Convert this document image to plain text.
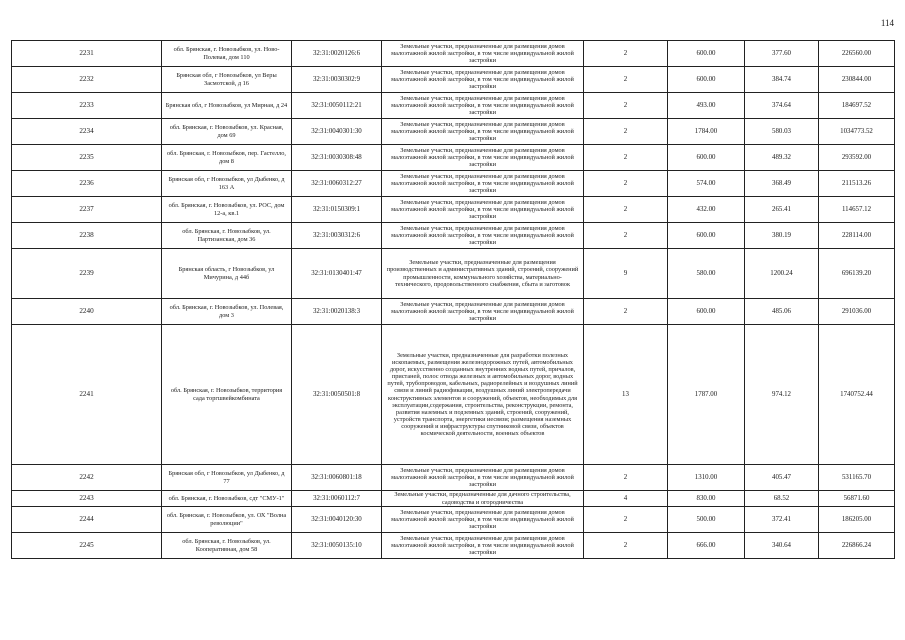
114
2231	обл. Брянская, г. Новозыбков, ул. Ново-Полевая, дом 110	32:31:0020126:6	Земельные участки, предназначенные для размещения домов малоэтажной жилой застройки, в том числе индивидуальной жилой застройки	2	600.00	377.60	226560.00
2232	Брянская обл, г Новозыбков, ул Веры Засмотской, д 16	32:31:0030302:9	Земельные участки, предназначенные для размещения домов малоэтажной жилой застройки, в том числе индивидуальной жилой застройки	2	600.00	384.74	230844.00
2233	Брянская обл, г Новозыбков, ул Мирная, д 24	32:31:0050112:21	Земельные участки, предназначенные для размещения домов малоэтажной жилой застройки, в том числе индивидуальной жилой застройки	2	493.00	374.64	184697.52
2234	обл. Брянская, г. Новозыбков, ул. Красная, дом 69	32:31:0040301:30	Земельные участки, предназначенные для размещения домов малоэтажной жилой застройки, в том числе индивидуальной жилой застройки	2	1784.00	580.03	1034773.52
2235	обл. Брянская, г. Новозыбков, пер. Гастелло, дом 8	32:31:0030308:48	Земельные участки, предназначенные для размещения домов малоэтажной жилой застройки, в том числе индивидуальной жилой застройки	2	600.00	489.32	293592.00
2236	Брянская обл, г Новозыбков, ул Дыбенко, д 163 А	32:31:0060312:27	Земельные участки, предназначенные для размещения домов малоэтажной жилой застройки, в том числе индивидуальной жилой застройки	2	574.00	368.49	211513.26
2237	обл. Брянская, г. Новозыбков, ул. РОС, дом 12-а, кв.1	32:31:0150309:1	Земельные участки, предназначенные для размещения домов малоэтажной жилой застройки, в том числе индивидуальной жилой застройки	2	432.00	265.41	114657.12
2238	обл. Брянская, г. Новозыбков, ул. Партизанская, дом 36	32:31:0030312:6	Земельные участки, предназначенные для размещения домов малоэтажной жилой застройки, в том числе индивидуальной жилой застройки	2	600.00	380.19	228114.00
2239	Брянская область, г Новозыбков, ул Мичурина, д 44б	32:31:0130401:47	Земельные участки, предназначенные для размещения производственных и административных зданий, строений, сооружений промышленности, коммунального хозяйства, материально-технического, продовольственного снабжения, сбыта и заготовок	9	580.00	1200.24	696139.20
2240	обл. Брянская, г. Новозыбков, ул. Полевая, дом 3	32:31:0020138:3	Земельные участки, предназначенные для размещения домов малоэтажной жилой застройки, в том числе индивидуальной жилой застройки	2	600.00	485.06	291036.00
2241	обл. Брянская, г. Новозыбков, территория сада торгшвейкомбината	32:31:0050501:8	Земельные участки, предназначенные для разработки полезных ископаемых, размещения железнодорожных путей, автомобильных дорог, искусственно созданных внутренних водных путей, причалов, пристаней, полос отвода железных и автомобильных дорог, водных путей, трубопроводов, кабельных, радиорелейных и воздушных линий связи и линий радиофикации, воздушных линий электропередачи конструктивных элементов и сооружений, объектов, необходимых для эксплуатации,содержания, строительства, реконструкции, ремонта, развития наземных и подземных зданий, строений, сооружений, устройств транспорта, энергетики иесвязи; размещения наземных сооружений и инфраструктуры спутниковой связи, объектов космической деятельности, военных объектов	13	1787.00	974.12	1740752.44
2242	Брянская обл, г Новозыбков, ул Дыбенко, д 77	32:31:0060801:18	Земельные участки, предназначенные для размещения домов малоэтажной жилой застройки, в том числе индивидуальной жилой застройки	2	1310.00	405.47	531165.70
2243	обл. Брянская, г. Новозыбков, сдт "СМУ-1"	32:31:0060112:7	Земельные участки, предназначенные для дачного строительства, садоводства и огородничества	4	830.00	68.52	56871.60
2244	обл. Брянская, г. Новозыбков, ул. ОХ "Волна революции"	32:31:0040120:30	Земельные участки, предназначенные для размещения домов малоэтажной жилой застройки, в том числе индивидуальной жилой застройки	2	500.00	372.41	186205.00
2245	обл. Брянская, г. Новозыбков, ул. Кооперативная, дом 58	32:31:0050135:10	Земельные участки, предназначенные для размещения домов малоэтажной жилой застройки, в том числе индивидуальной жилой застройки	2	666.00	340.64	226866.24
